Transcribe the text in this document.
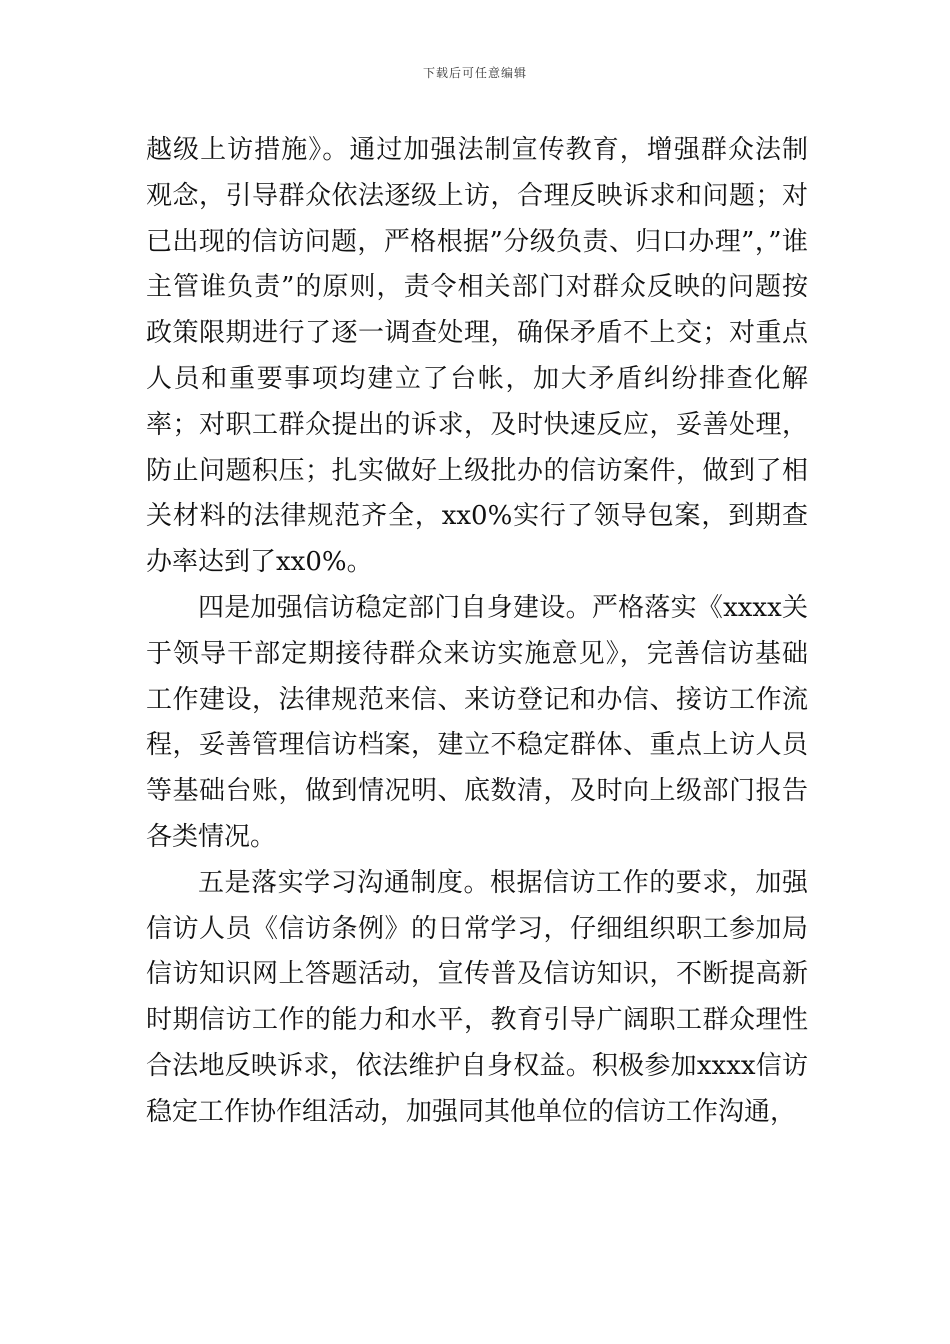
下载后可任意编辑

越级上访措施》。通过加强法制宣传教育，增强群众法制观念，引导群众依法逐级上访，合理反映诉求和问题；对已出现的信访问题，严格根据”分级负责、归口办理”，”谁主管谁负责”的原则，责令相关部门对群众反映的问题按政策限期进行了逐一调查处理，确保矛盾不上交；对重点人员和重要事项均建立了台帐，加大矛盾纠纷排查化解率；对职工群众提出的诉求，及时快速反应，妥善处理，防止问题积压；扎实做好上级批办的信访案件，做到了相关材料的法律规范齐全，xx0%实行了领导包案，到期查办率达到了xx0%。

四是加强信访稳定部门自身建设。严格落实《xxxx关于领导干部定期接待群众来访实施意见》，完善信访基础工作建设，法律规范来信、来访登记和办信、接访工作流程，妥善管理信访档案，建立不稳定群体、重点上访人员等基础台账，做到情况明、底数清，及时向上级部门报告各类情况。

五是落实学习沟通制度。根据信访工作的要求，加强信访人员《信访条例》的日常学习，仔细组织职工参加局信访知识网上答题活动，宣传普及信访知识，不断提高新时期信访工作的能力和水平，教育引导广阔职工群众理性合法地反映诉求，依法维护自身权益。积极参加xxxx信访稳定工作协作组活动，加强同其他单位的信访工作沟通，
